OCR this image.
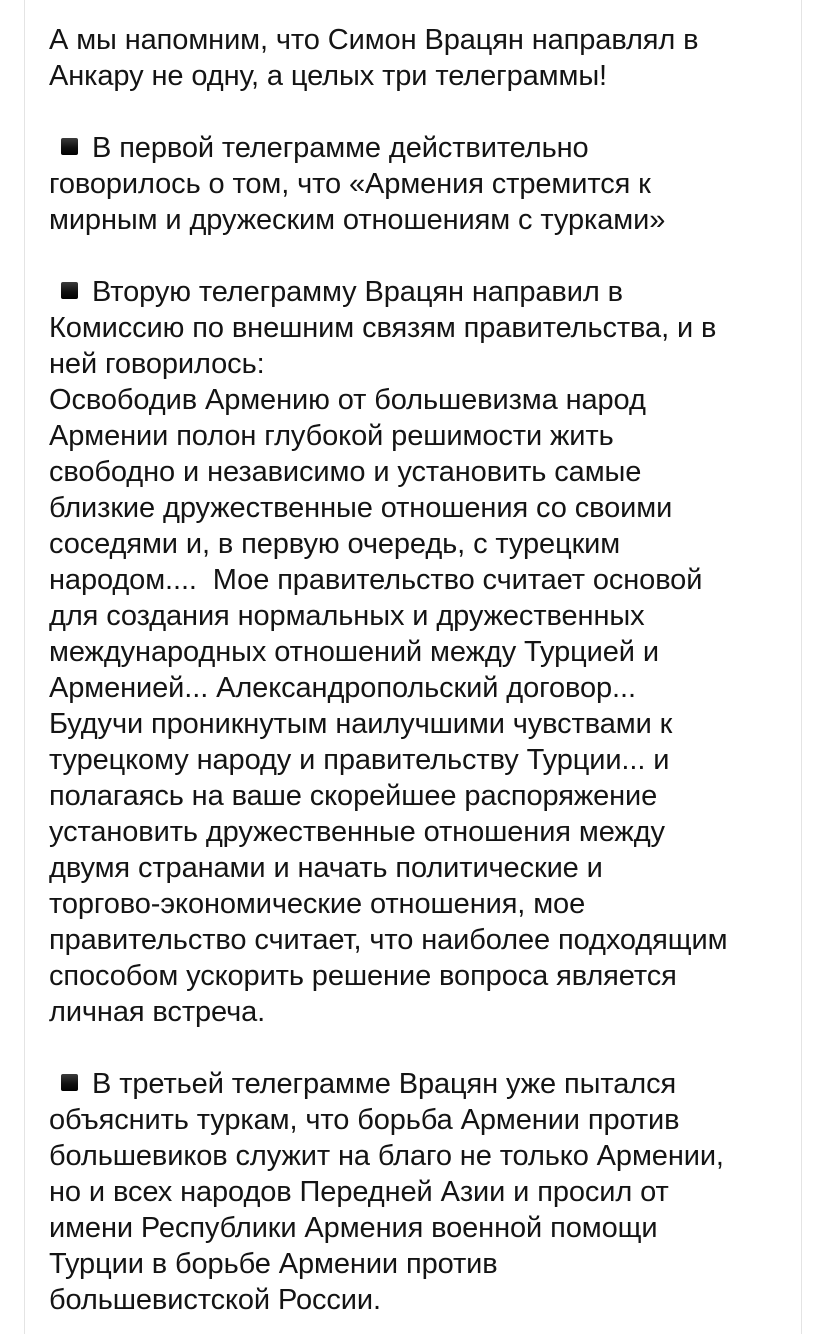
А мы напомним, что Симон Врацян направлял в
Анкару не одну, а целых три телеграммы!
В первой телеграмме действительно
говорилось о том, что «Армения стремится к
мирным и дружеским отношениям с турками»
Вторую телеграмму Врацян направил в
Комиссию по внешним связям правительства, и в
ней говорилось:
Освободив Армению от большевизма народ
Армении полон глубокой решимости жить
свободно и независимо и установить самые
близкие дружественные отношения со своими
соседями и, в первую очередь, с турецким
народом....  Мое правительство считает основой
для создания нормальных и дружественных
международных отношений между Турцией и
Арменией... Александропольский договор...
Будучи проникнутым наилучшими чувствами к
турецкому народу и правительству Турции... и
полагаясь на ваше скорейшее распоряжение
установить дружественные отношения между
двумя странами и начать политические и
торгово-экономические отношения, мое
правительство считает, что наиболее подходящим
способом ускорить решение вопроса является
личная встреча.
В третьей телеграмме Врацян уже пытался
объяснить туркам, что борьба Армении против
большевиков служит на благо не только Армении,
но и всех народов Передней Азии и просил от
имени Республики Армения военной помощи
Турции в борьбе Армении против
большевистской России.
